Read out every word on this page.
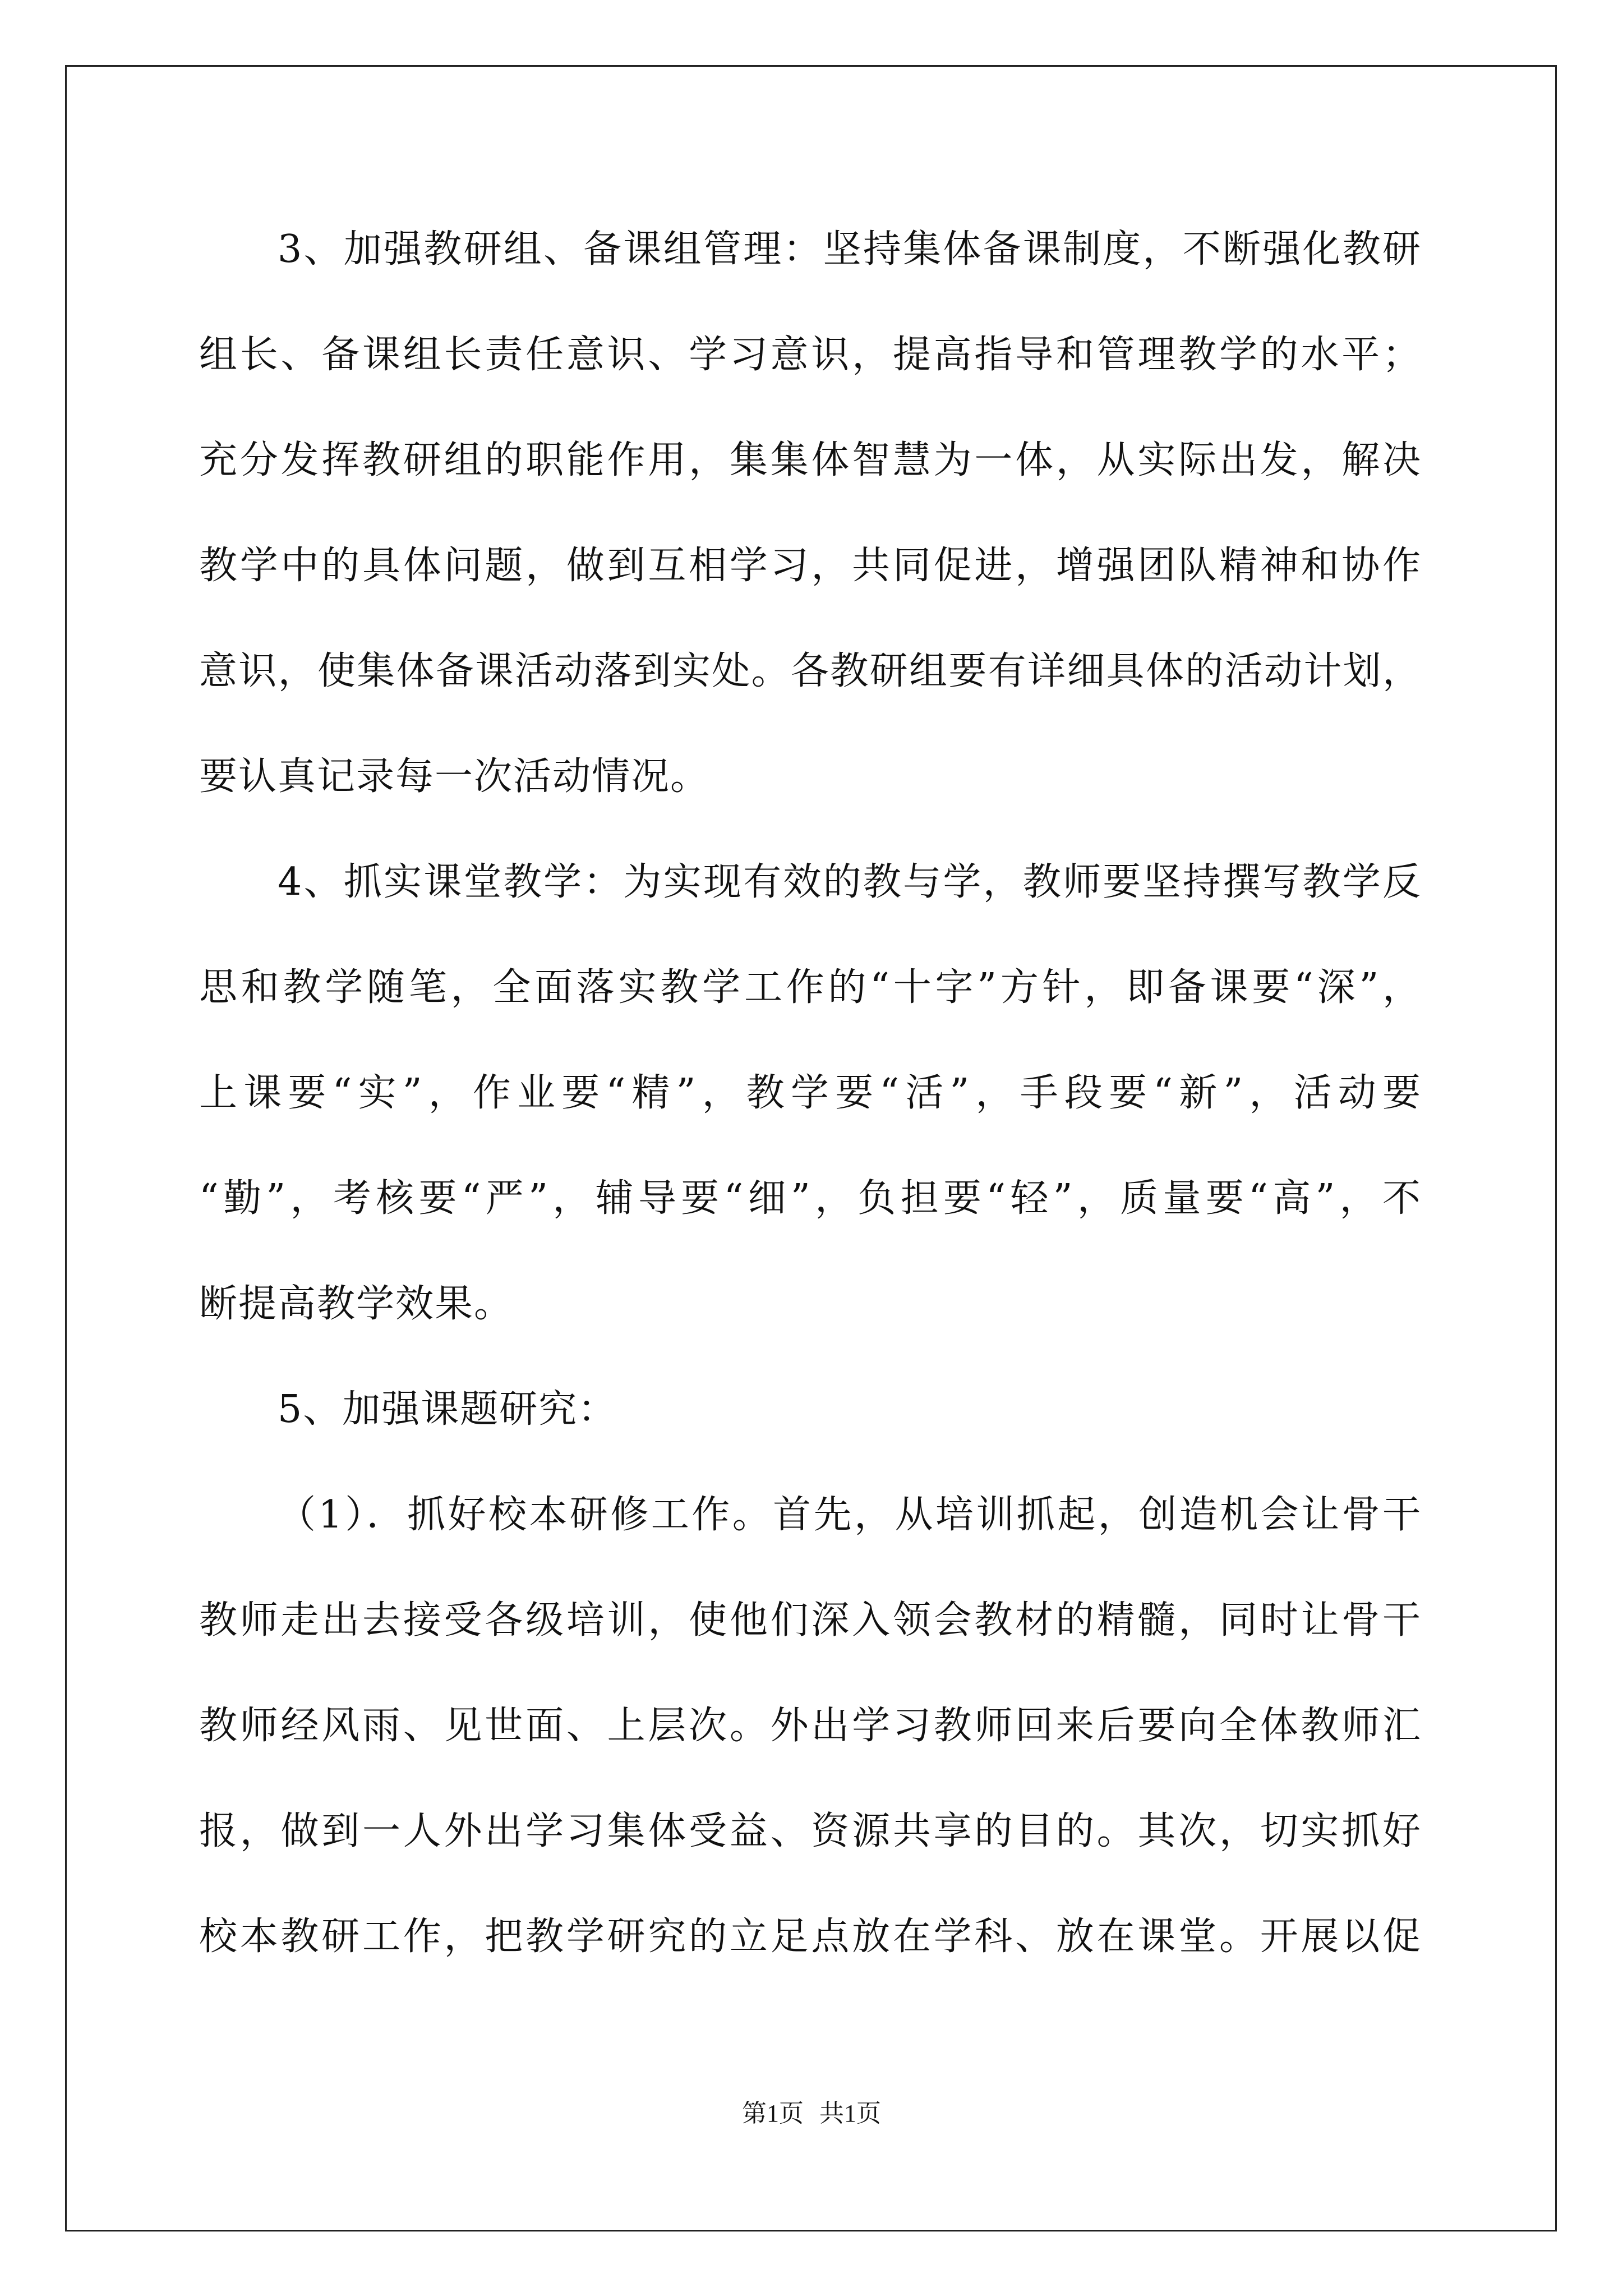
3、加强教研组、备课组管理：坚持集体备课制度，不断强化教研
组长、备课组长责任意识、学习意识，提高指导和管理教学的水平；
充分发挥教研组的职能作用，集集体智慧为一体，从实际出发，解决
教学中的具体问题，做到互相学习，共同促进，增强团队精神和协作
意识，使集体备课活动落到实处。各教研组要有详细具体的活动计划，
要认真记录每一次活动情况。
4、抓实课堂教学：为实现有效的教与学，教师要坚持撰写教学反
思和教学随笔，全面落实教学工作的“十字”方针，即备课要“深”，
上课要“实”，作业要“精”，教学要“活”，手段要“新”，活动要
“勤”，考核要“严”，辅导要“细”，负担要“轻”，质量要“高”，不
断提高教学效果。
5、加强课题研究：
（1）．抓好校本研修工作。首先，从培训抓起，创造机会让骨干
教师走出去接受各级培训，使他们深入领会教材的精髓，同时让骨干
教师经风雨、见世面、上层次。外出学习教师回来后要向全体教师汇
报，做到一人外出学习集体受益、资源共享的目的。其次，切实抓好
校本教研工作，把教学研究的立足点放在学科、放在课堂。开展以促
第1页 共1页
